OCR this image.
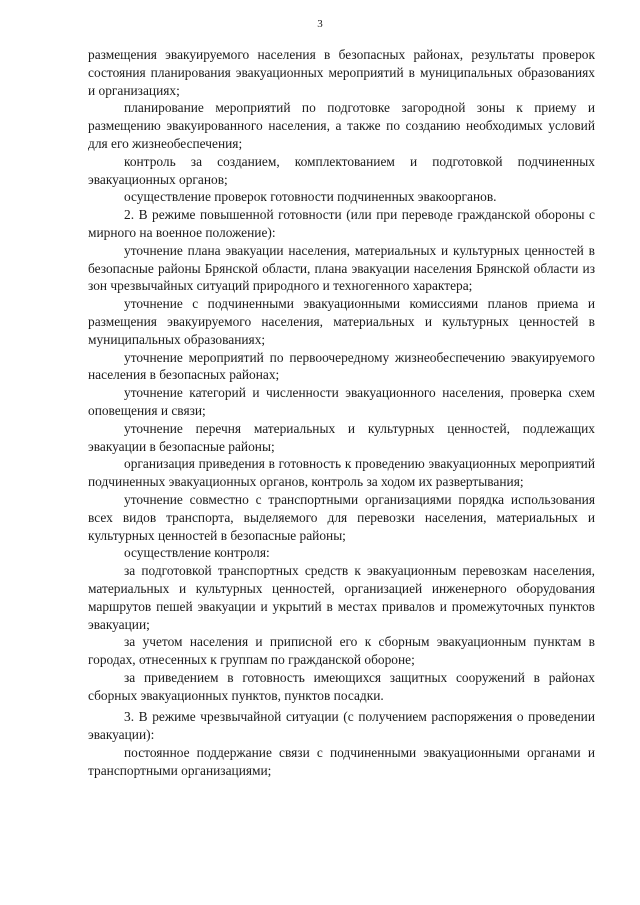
3

размещения эвакуируемого населения в безопасных районах, результаты проверок состояния планирования эвакуационных мероприятий в муниципальных образованиях и организациях;

планирование мероприятий по подготовке загородной зоны к приему и размещению эвакуированного населения, а также по созданию необходимых условий для его жизнеобеспечения;

контроль за созданием, комплектованием и подготовкой подчиненных эвакуационных органов;

осуществление проверок готовности подчиненных эвакоорганов.

2. В режиме повышенной готовности (или при переводе гражданской обороны с мирного на военное положение):

уточнение плана эвакуации населения, материальных и культурных ценностей в безопасные районы Брянской области, плана эвакуации населения Брянской области из зон чрезвычайных ситуаций природного и техногенного характера;

уточнение с подчиненными эвакуационными комиссиями планов приема и размещения эвакуируемого населения, материальных и культурных ценностей в муниципальных образованиях;

уточнение мероприятий по первоочередному жизнеобеспечению эвакуируемого населения в безопасных районах;

уточнение категорий и численности эвакуационного населения, проверка схем оповещения и связи;

уточнение перечня материальных и культурных ценностей, подлежащих эвакуации в безопасные районы;

организация приведения в готовность к проведению эвакуационных мероприятий подчиненных эвакуационных органов, контроль за ходом их развертывания;

уточнение совместно с транспортными организациями порядка использования всех видов транспорта, выделяемого для перевозки населения, материальных и культурных ценностей в безопасные районы;

осуществление контроля:

за подготовкой транспортных средств к эвакуационным перевозкам населения, материальных и культурных ценностей, организацией инженерного оборудования маршрутов пешей эвакуации и укрытий в местах привалов и промежуточных пунктов эвакуации;

за учетом населения и приписной его к сборным эвакуационным пунктам в городах, отнесенных к группам по гражданской обороне;

за приведением в готовность имеющихся защитных сооружений в районах сборных эвакуационных пунктов, пунктов посадки.

3. В режиме чрезвычайной ситуации (с получением распоряжения о проведении эвакуации):

постоянное поддержание связи с подчиненными эвакуационными органами и транспортными организациями;
